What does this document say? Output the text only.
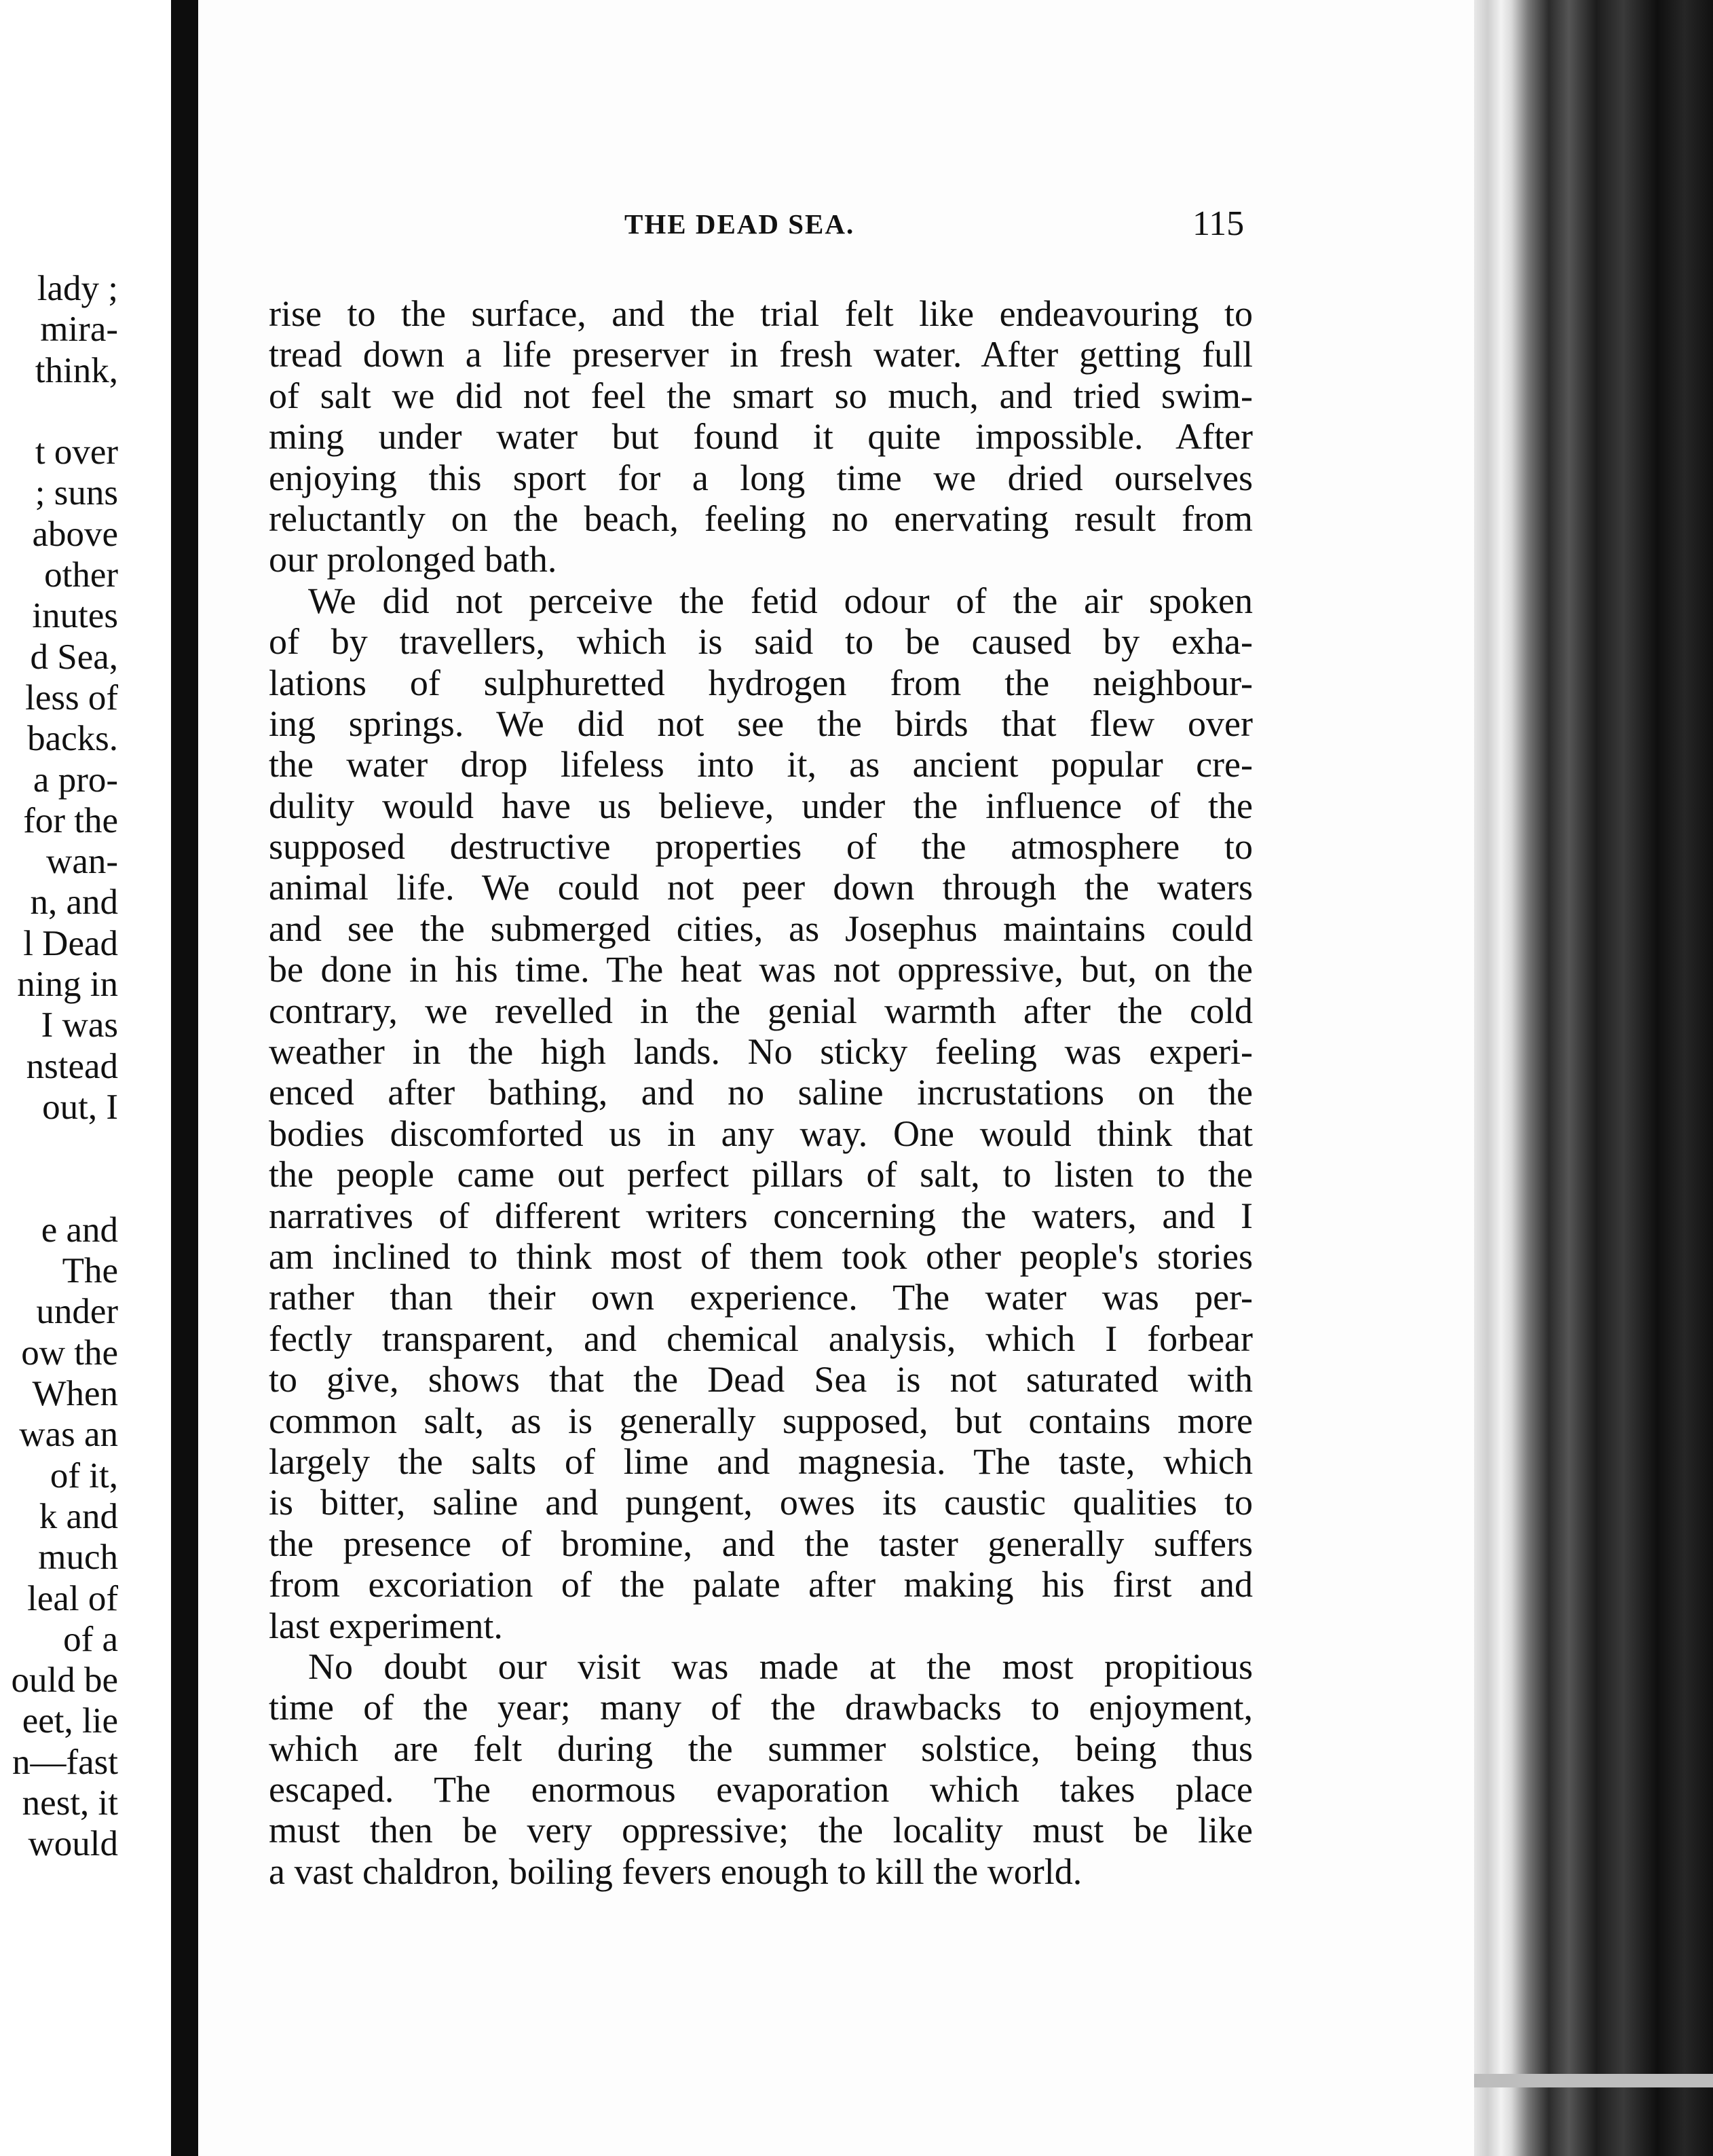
lady ;
mira-
think,
t over
; suns
above
other
inutes
d Sea,
less of
backs.
a pro-
for the
wan-
n, and
l Dead
ning in
I was
nstead
out, I
e and
The
under
ow the
When
was an
of it,
k and
much
leal of
of a
ould be
eet, lie
n—fast
nest, it
would
THE DEAD SEA.	115
rise to the surface, and the trial felt like endeavouring to
tread down a life preserver in fresh water. After getting full
of salt we did not feel the smart so much, and tried swim-
ming under water but found it quite impossible. After
enjoying this sport for a long time we dried ourselves
reluctantly on the beach, feeling no enervating result from
our prolonged bath.
We did not perceive the fetid odour of the air spoken
of by travellers, which is said to be caused by exha-
lations of sulphuretted hydrogen from the neighbour-
ing springs. We did not see the birds that flew over
the water drop lifeless into it, as ancient popular cre-
dulity would have us believe, under the influence of the
supposed destructive properties of the atmosphere to
animal life. We could not peer down through the waters
and see the submerged cities, as Josephus maintains could
be done in his time. The heat was not oppressive, but, on the
contrary, we revelled in the genial warmth after the cold
weather in the high lands. No sticky feeling was experi-
enced after bathing, and no saline incrustations on the
bodies discomforted us in any way. One would think that
the people came out perfect pillars of salt, to listen to the
narratives of different writers concerning the waters, and I
am inclined to think most of them took other people's stories
rather than their own experience. The water was per-
fectly transparent, and chemical analysis, which I forbear
to give, shows that the Dead Sea is not saturated with
common salt, as is generally supposed, but contains more
largely the salts of lime and magnesia. The taste, which
is bitter, saline and pungent, owes its caustic qualities to
the presence of bromine, and the taster generally suffers
from excoriation of the palate after making his first and
last experiment.
No doubt our visit was made at the most propitious
time of the year; many of the drawbacks to enjoyment,
which are felt during the summer solstice, being thus
escaped. The enormous evaporation which takes place
must then be very oppressive; the locality must be like
a vast chaldron, boiling fevers enough to kill the world.
